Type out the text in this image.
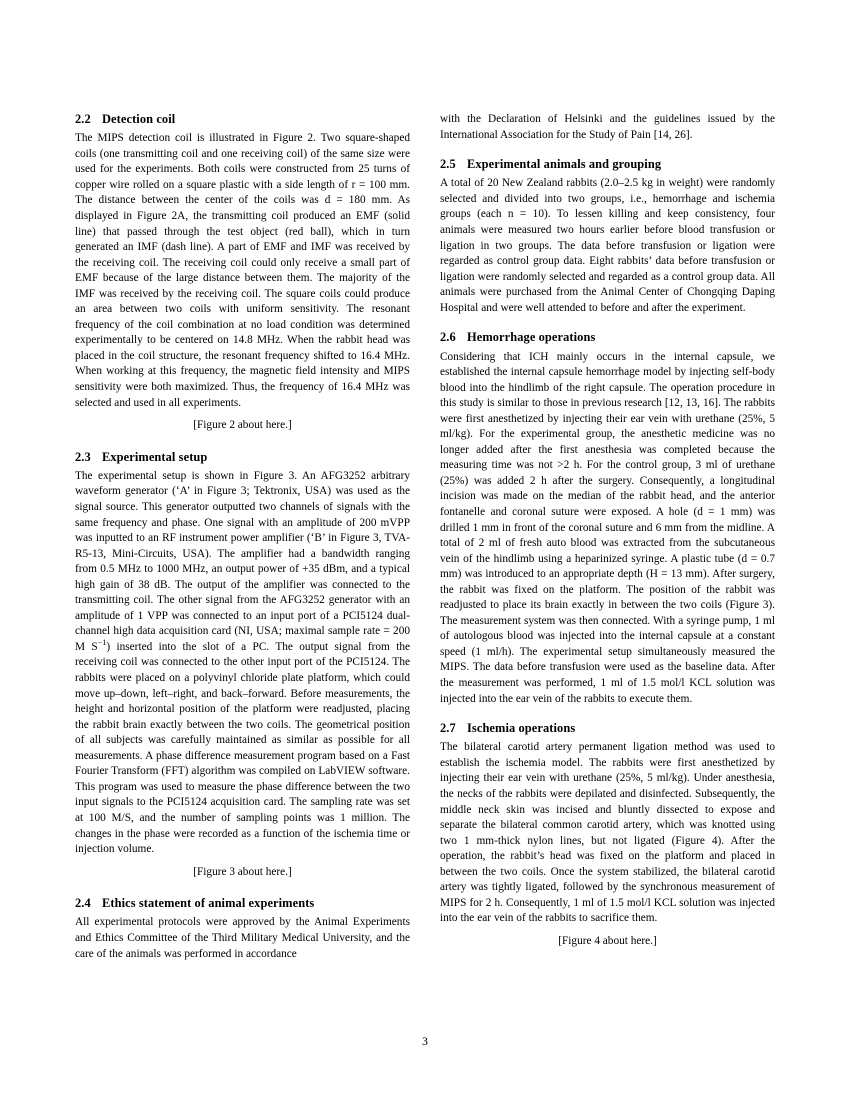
2.2 Detection coil

The MIPS detection coil is illustrated in Figure 2. Two square-shaped coils (one transmitting coil and one receiving coil) of the same size were used for the experiments. Both coils were constructed from 25 turns of copper wire rolled on a square plastic with a side length of r = 100 mm. The distance between the center of the coils was d = 180 mm. As displayed in Figure 2A, the transmitting coil produced an EMF (solid line) that passed through the test object (red ball), which in turn generated an IMF (dash line). A part of EMF and IMF was received by the receiving coil. The receiving coil could only receive a small part of EMF because of the large distance between them. The majority of the IMF was received by the receiving coil. The square coils could produce an area between two coils with uniform sensitivity. The resonant frequency of the coil combination at no load condition was determined experimentally to be centered on 14.8 MHz. When the rabbit head was placed in the coil structure, the resonant frequency shifted to 16.4 MHz. When working at this frequency, the magnetic field intensity and MIPS sensitivity were both maximized. Thus, the frequency of 16.4 MHz was selected and used in all experiments.

[Figure 2 about here.]

2.3 Experimental setup

The experimental setup is shown in Figure 3. An AFG3252 arbitrary waveform generator (‘A’ in Figure 3; Tektronix, USA) was used as the signal source. This generator outputted two channels of signals with the same frequency and phase. One signal with an amplitude of 200 mVPP was inputted to an RF instrument power amplifier (‘B’ in Figure 3, TVA-R5-13, Mini-Circuits, USA). The amplifier had a bandwidth ranging from 0.5 MHz to 1000 MHz, an output power of +35 dBm, and a typical high gain of 38 dB. The output of the amplifier was connected to the transmitting coil. The other signal from the AFG3252 generator with an amplitude of 1 VPP was connected to an input port of a PCI5124 dual-channel high data acquisition card (NI, USA; maximal sample rate = 200 M $S^{-1}$) inserted into the slot of a PC. The output signal from the receiving coil was connected to the other input port of the PCI5124. The rabbits were placed on a polyvinyl chloride plate platform, which could move up–down, left–right, and back–forward. Before measurements, the height and horizontal position of the platform were readjusted, placing the rabbit brain exactly between the two coils. The geometrical position of all subjects was carefully maintained as similar as possible for all measurements. A phase difference measurement program based on a Fast Fourier Transform (FFT) algorithm was compiled on LabVIEW software. This program was used to measure the phase difference between the two input signals to the PCI5124 acquisition card. The sampling rate was set at 100 M/S, and the number of sampling points was 1 million. The changes in the phase were recorded as a function of the ischemia time or injection volume.

[Figure 3 about here.]

2.4 Ethics statement of animal experiments

All experimental protocols were approved by the Animal Experiments and Ethics Committee of the Third Military Medical University, and the care of the animals was performed in accordance

with the Declaration of Helsinki and the guidelines issued by the International Association for the Study of Pain [14, 26].

2.5 Experimental animals and grouping

A total of 20 New Zealand rabbits (2.0–2.5 kg in weight) were randomly selected and divided into two groups, i.e., hemorrhage and ischemia groups (each n = 10). To lessen killing and keep consistency, four animals were measured two hours earlier before blood transfusion or ligation in two groups. The data before transfusion or ligation were regarded as control group data. Eight rabbits’ data before transfusion or ligation were randomly selected and regarded as a control group data. All animals were purchased from the Animal Center of Chongqing Daping Hospital and were well attended to before and after the experiment.

2.6 Hemorrhage operations

Considering that ICH mainly occurs in the internal capsule, we established the internal capsule hemorrhage model by injecting self-body blood into the hindlimb of the right capsule. The operation procedure in this study is similar to those in previous research [12, 13, 16]. The rabbits were first anesthetized by injecting their ear vein with urethane (25%, 5 ml/kg). For the experimental group, the anesthetic medicine was no longer added after the first anesthesia was completed because the measuring time was not >2 h. For the control group, 3 ml of urethane (25%) was added 2 h after the surgery. Consequently, a longitudinal incision was made on the median of the rabbit head, and the anterior fontanelle and coronal suture were exposed. A hole (d = 1 mm) was drilled 1 mm in front of the coronal suture and 6 mm from the midline. A total of 2 ml of fresh auto blood was extracted from the subcutaneous vein of the hindlimb using a heparinized syringe. A plastic tube (d = 0.7 mm) was introduced to an appropriate depth (H = 13 mm). After surgery, the rabbit was fixed on the platform. The position of the rabbit was readjusted to place its brain exactly in between the two coils (Figure 3). The measurement system was then connected. With a syringe pump, 1 ml of autologous blood was injected into the internal capsule at a constant speed (1 ml/h). The experimental setup simultaneously measured the MIPS. The data before transfusion were used as the baseline data. After the measurement was performed, 1 ml of 1.5 mol/l KCL solution was injected into the ear vein of the rabbits to execute them.

2.7 Ischemia operations

The bilateral carotid artery permanent ligation method was used to establish the ischemia model. The rabbits were first anesthetized by injecting their ear vein with urethane (25%, 5 ml/kg). Under anesthesia, the necks of the rabbits were depilated and disinfected. Subsequently, the middle neck skin was incised and bluntly dissected to expose and separate the bilateral common carotid artery, which was knotted using two 1 mm-thick nylon lines, but not ligated (Figure 4). After the operation, the rabbit’s head was fixed on the platform and placed in between the two coils. Once the system stabilized, the bilateral carotid artery was tightly ligated, followed by the synchronous measurement of MIPS for 2 h. Consequently, 1 ml of 1.5 mol/l KCL solution was injected into the ear vein of the rabbits to sacrifice them.

[Figure 4 about here.]

3
